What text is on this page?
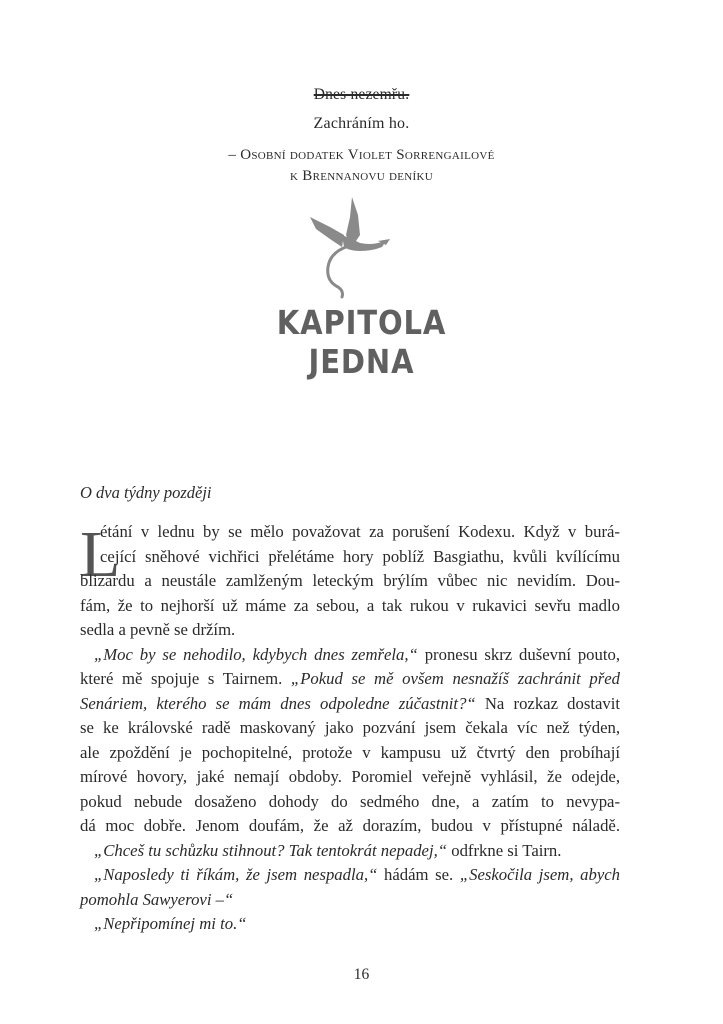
Dnes nezemřu.
Zachráním ho.
– Osobní dodatek Violet Sorrengailové
k Brennanovu deníku
KAPITOLA
JEDNA
O dva týdny později
L
étání v lednu by se mělo považovat za porušení Kodexu. Když v burá-
cející sněhové vichřici přelétáme hory poblíž Basgiathu, kvůli kvílícímu
blizardu a neustále zamlženým leteckým brýlím vůbec nic nevidím. Dou-
fám, že to nejhorší už máme za sebou, a tak rukou v rukavici sevřu madlo
sedla a pevně se držím.
„Moc by se nehodilo, kdybych dnes zemřela,“ pronesu skrz duševní pouto,
které mě spojuje s Tairnem. „Pokud se mě ovšem nesnažíš zachránit před
Senáriem, kterého se mám dnes odpoledne zúčastnit?“ Na rozkaz dostavit
se ke královské radě maskovaný jako pozvání jsem čekala víc než týden,
ale zpoždění je pochopitelné, protože v kampusu už čtvrtý den probíhají
mírové hovory, jaké nemají obdoby. Poromiel veřejně vyhlásil, že odejde,
pokud nebude dosaženo dohody do sedmého dne, a zatím to nevypa-
dá moc dobře. Jenom doufám, že až dorazím, budou v přístupné náladě.
„Chceš tu schůzku stihnout? Tak tentokrát nepadej,“ odfrkne si Tairn.
„Naposledy ti říkám, že jsem nespadla,“ hádám se. „Seskočila jsem, abych
pomohla Sawyerovi –“
„Nepřipomínej mi to.“
16
